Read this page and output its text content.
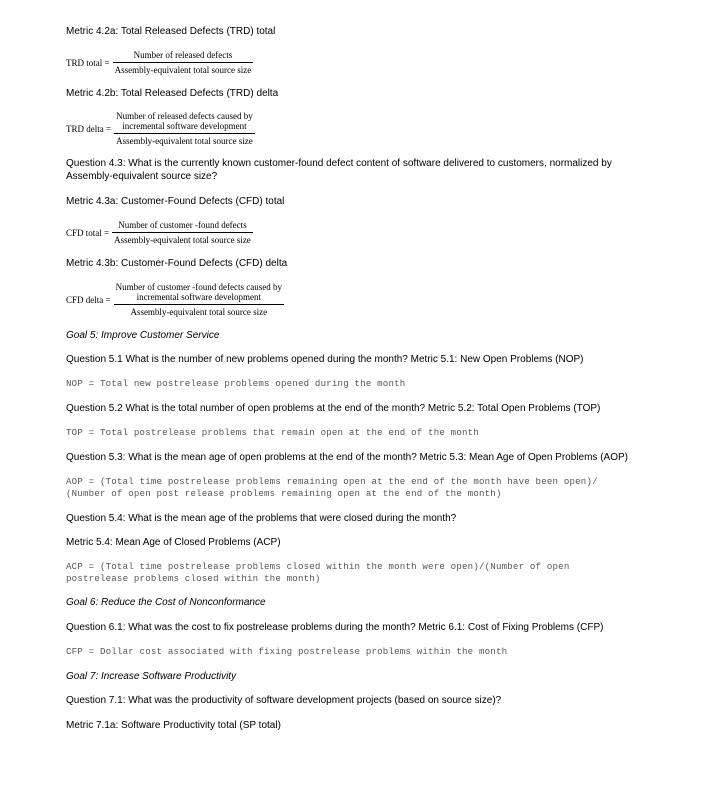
Metric 4.2a: Total Released Defects (TRD) total

TRD total = $\frac{\text{Number of released defects}}{\text{Assembly-equivalent total source size}}$

Metric 4.2b: Total Released Defects (TRD) delta

TRD delta =
Number of released defects caused by
incremental software development
Assembly-equivalent total source size

Question 4.3: What is the currently known customer-found defect content of software delivered to customers, normalized by Assembly-equivalent source size?

Metric 4.3a: Customer-Found Defects (CFD) total

CFD total = $\frac{\text{Number of customer -found defects}}{\text{Assembly-equivalent total source size}}$

Metric 4.3b: Customer-Found Defects (CFD) delta

CFD delta =
Number of customer -found defects caused by
incremental software development
Assembly-equivalent total source size

Goal 5: Improve Customer Service

Question 5.1 What is the number of new problems opened during the month? Metric 5.1: New Open Problems (NOP)

NOP = Total new postrelease problems opened during the month

Question 5.2 What is the total number of open problems at the end of the month? Metric 5.2: Total Open Problems (TOP)

TOP = Total postrelease problems that remain open at the end of the month

Question 5.3: What is the mean age of open problems at the end of the month? Metric 5.3: Mean Age of Open Problems (AOP)

AOP = (Total time postrelease problems remaining open at the end of the month have been open)/

(Number of open post release problems remaining open at the end of the month)

Question 5.4: What is the mean age of the problems that were closed during the month?

Metric 5.4: Mean Age of Closed Problems (ACP)

ACP = (Total time postrelease problems closed within the month were open)/(Number of open

postrelease problems closed within the month)

Goal 6: Reduce the Cost of Nonconformance

Question 6.1: What was the cost to fix postrelease problems during the month? Metric 6.1: Cost of Fixing Problems (CFP)

CFP = Dollar cost associated with fixing postrelease problems within the month

Goal 7: Increase Software Productivity

Question 7.1: What was the productivity of software development projects (based on source size)?

Metric 7.1a: Software Productivity total (SP total)
